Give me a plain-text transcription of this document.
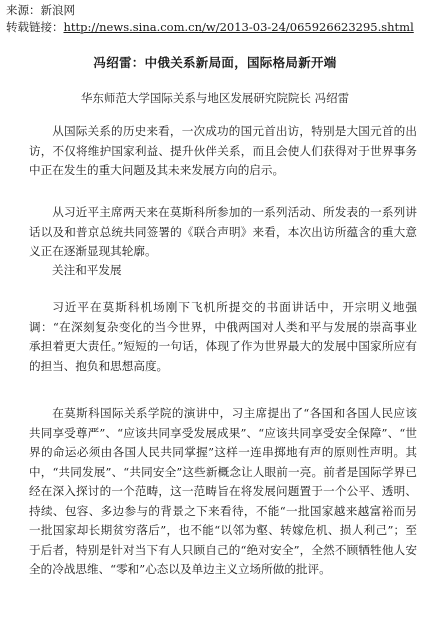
来源：新浪网
转载链接：http://news.sina.com.cn/w/2013-03-24/065926623295.shtml
冯绍雷：中俄关系新局面，国际格局新开端
华东师范大学国际关系与地区发展研究院院长 冯绍雷

从国际关系的历史来看，一次成功的国元首出访，特别是大国元首的出访，不仅将维护国家利益、提升伙伴关系，而且会使人们获得对于世界事务中正在发生的重大问题及其未来发展方向的启示。

从习近平主席两天来在莫斯科所参加的一系列活动、所发表的一系列讲话以及和普京总统共同签署的《联合声明》来看，本次出访所蕴含的重大意义正在逐渐显现其轮廓。

关注和平发展

习近平在莫斯科机场刚下飞机所提交的书面讲话中，开宗明义地强调：“在深刻复杂变化的当今世界，中俄两国对人类和平与发展的崇高事业承担着更大责任。”短短的一句话，体现了作为世界最大的发展中国家所应有的担当、抱负和思想高度。

在莫斯科国际关系学院的演讲中，习主席提出了“各国和各国人民应该共同享受尊严”、“应该共同享受发展成果”、“应该共同享受安全保障”、“世界的命运必须由各国人民共同掌握”这样一连串掷地有声的原则性声明。其中，“共同发展”、“共同安全”这些新概念让人眼前一亮。前者是国际学界已经在深入探讨的一个范畴，这一范畴旨在将发展问题置于一个公平、透明、持续、包容、多边参与的背景之下来看待，不能“一批国家越来越富裕而另一批国家却长期贫穷落后”，也不能“以邻为壑、转嫁危机、损人利己”；至于后者，特别是针对当下有人只顾自己的“绝对安全”，全然不顾牺牲他人安全的冷战思维、“零和”心态以及单边主义立场所做的批评。
